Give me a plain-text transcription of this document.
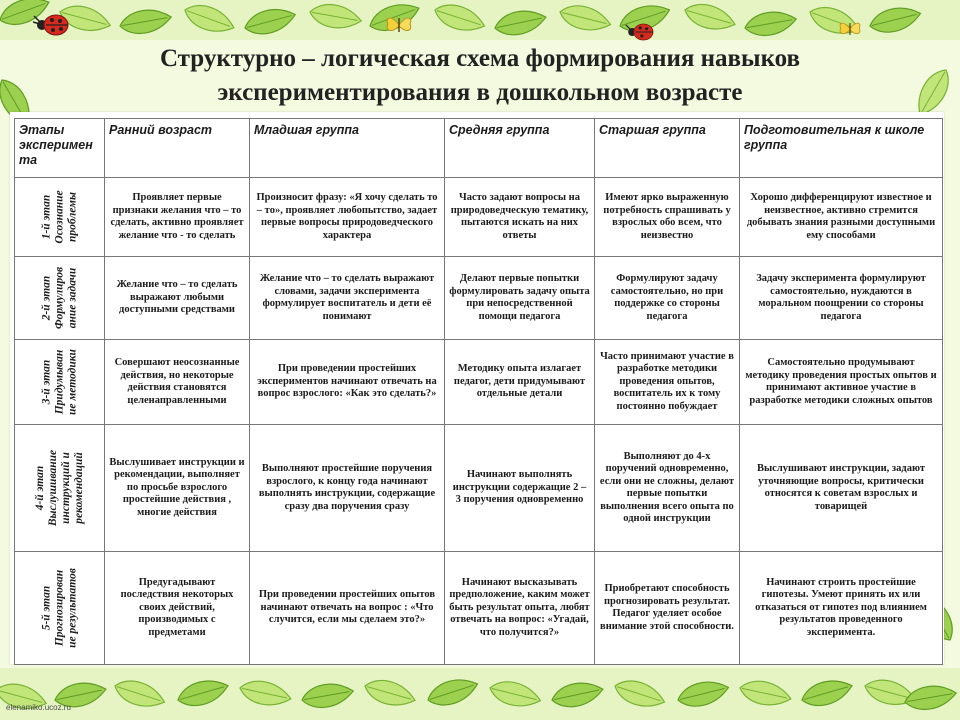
Структурно – логическая схема формирования навыков
экспериментирования в дошкольном возрасте
Этапы эксперимен та	Ранний возраст	Младшая группа	Средняя группа	Старшая группа	Подготовительная к школе группа

1-й этап Осознание проблемы	Проявляет первые признаки желания что – то сделать, активно проявляет желание что - то сделать	Произносит фразу: «Я хочу сделать то – то», проявляет любопытство, задает первые вопросы природоведческого характера	Часто задают вопросы на природоведческую тематику, пытаются искать на них ответы	Имеют ярко выраженную потребность спрашивать у взрослых обо всем, что неизвестно	Хорошо дифференцируют известное и неизвестное, активно стремится добывать знания разными доступными ему способами

2-й этап Формулиров ание задачи	Желание что – то сделать выражают любыми доступными средствами	Желание что – то сделать выражают словами, задачи эксперимента формулирует воспитатель и дети её понимают	Делают первые попытки формулировать задачу опыта при непосредственной помощи педагога	Формулируют задачу самостоятельно, но при поддержке со стороны педагога	Задачу эксперимента формулируют самостоятельно, нуждаются в моральном поощрении со стороны педагога

3-й этап Придумыван ие методики	Совершают неосознанные действия, но некоторые действия становятся целенаправленными	При проведении простейших экспериментов начинают отвечать на вопрос взрослого: «Как это сделать?»	Методику опыта излагает педагог, дети придумывают отдельные детали	Часто принимают участие в разработке методики проведения опытов, воспитатель их к тому постоянно побуждает	Самостоятельно продумывают методику проведения простых опытов и принимают активное участие в разработке методики сложных опытов

4-й этап Выслушивание инструкций и рекомендаций	Выслушивает инструкции и рекомендации, выполняет по просьбе взрослого простейшие действия , многие действия	Выполняют простейшие поручения взрослого, к концу года начинают выполнять инструкции, содержащие сразу два поручения сразу	Начинают выполнять инструкции содержащие 2 – 3 поручения одновременно	Выполняют до 4-х поручений одновременно, если они не сложны, делают первые попытки выполнения всего опыта по одной инструкции	Выслушивают инструкции, задают уточняющие вопросы, критически относятся к советам взрослых и товарищей

5-й этап Прогнозирован ие результатов	Предугадывают последствия некоторых своих действий, производимых с предметами	При проведении простейших опытов начинают отвечать на вопрос : «Что случится, если мы сделаем это?»	Начинают высказывать предположение, каким может быть результат опыта, любят отвечать на вопрос: «Угадай, что получится?»	Приобретают способность прогнозировать результат. Педагог уделяет особое внимание этой способности.	Начинают строить простейшие гипотезы. Умеют принять их или отказаться от гипотез под влиянием результатов проведенного эксперимента.
elenamiko.ucoz.ru
